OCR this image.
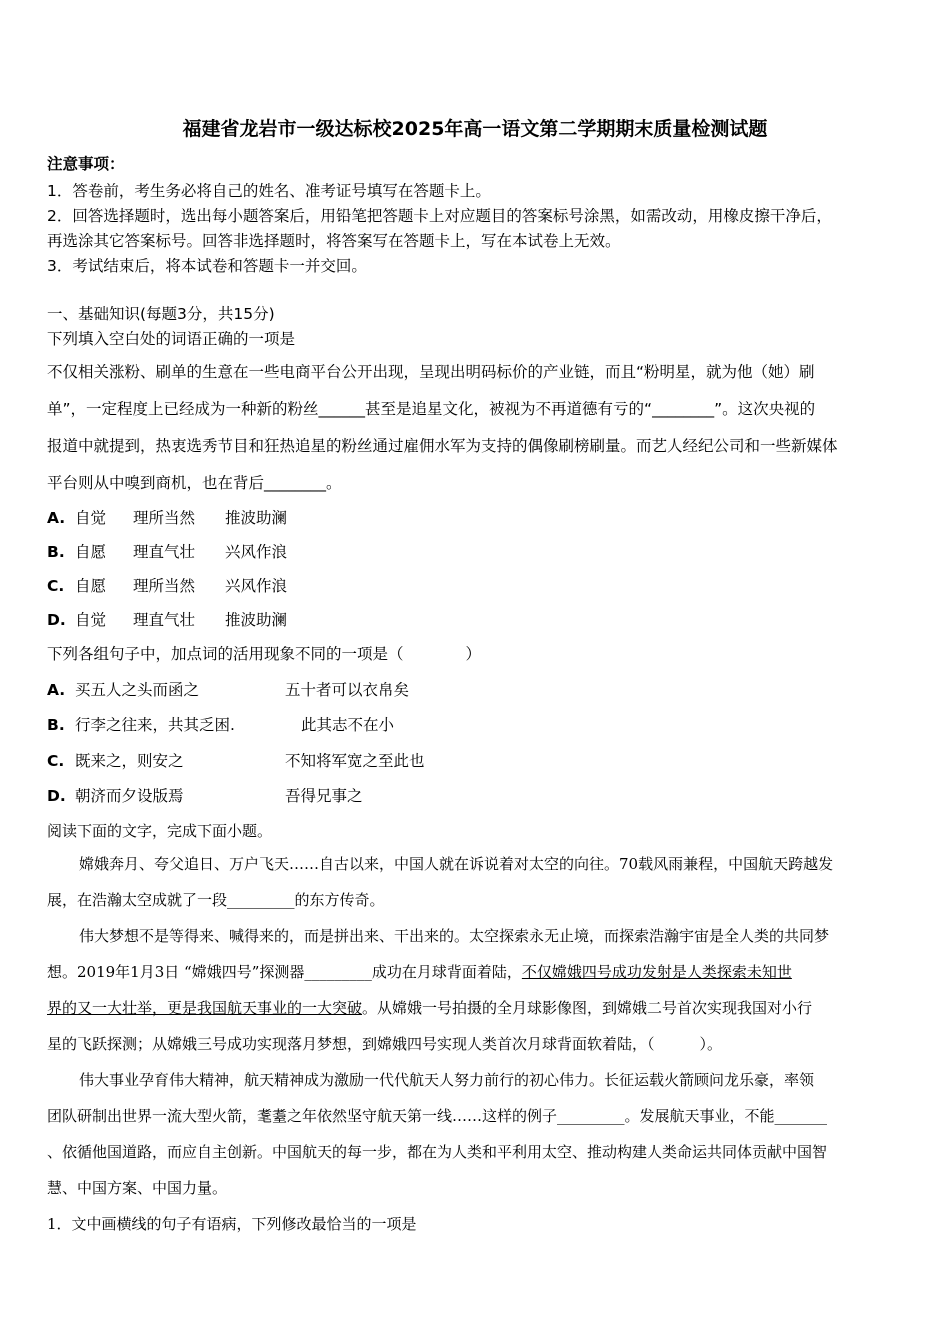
福建省龙岩市一级达标校2025年高一语文第二学期期末质量检测试题
注意事项：
1．答卷前，考生务必将自己的姓名、准考证号填写在答题卡上。
2．回答选择题时，选出每小题答案后，用铅笔把答题卡上对应题目的答案标号涂黑，如需改动，用橡皮擦干净后，
再选涂其它答案标号。回答非选择题时，将答案写在答题卡上，写在本试卷上无效。
3．考试结束后，将本试卷和答题卡一并交回。
一、基础知识(每题3分，共15分)
下列填入空白处的词语正确的一项是
不仅相关涨粉、刷单的生意在一些电商平台公开出现，呈现出明码标价的产业链，而且“粉明星，就为他（她）刷
单”，一定程度上已经成为一种新的粉丝______甚至是追星文化，被视为不再道德有亏的“________”。这次央视的
报道中就提到，热衷选秀节目和狂热追星的粉丝通过雇佣水军为支持的偶像刷榜刷量。而艺人经纪公司和一些新媒体
平台则从中嗅到商机，也在背后________。
A. 自觉 理所当然 推波助澜
B. 自愿 理直气壮 兴风作浪
C. 自愿 理所当然 兴风作浪
D. 自觉 理直气壮 推波助澜
下列各组句子中，加点词的活用现象不同的一项是（　　　　）
A. 买五人之头而函之	五十者可以衣帛矣
B. 行李之往来，共其乏困.	此其志不在小
C. 既来之，则安之	不知将军宽之至此也
D. 朝济而夕设版焉	吾得兄事之
阅读下面的文字，完成下面小题。
嫦娥奔月、夸父追日、万户飞天……自古以来，中国人就在诉说着对太空的向往。70载风雨兼程，中国航天跨越发
展，在浩瀚太空成就了一段_________的东方传奇。
伟大梦想不是等得来、喊得来的，而是拼出来、干出来的。太空探索永无止境，而探索浩瀚宇宙是全人类的共同梦
想。2019年1月3日 “嫦娥四号”探测器_________成功在月球背面着陆，不仅嫦娥四号成功发射是人类探索未知世
界的又一大壮举，更是我国航天事业的一大突破。从嫦娥一号拍摄的全月球影像图，到嫦娥二号首次实现我国对小行
星的飞跃探测；从嫦娥三号成功实现落月梦想，到嫦娥四号实现人类首次月球背面软着陆，（　　　）。
伟大事业孕育伟大精神，航天精神成为激励一代代航天人努力前行的初心伟力。长征运载火箭顾问龙乐豪，率领
团队研制出世界一流大型火箭，耄耋之年依然坚守航天第一线……这样的例子_________。发展航天事业，不能_______
、依循他国道路，而应自主创新。中国航天的每一步，都在为人类和平利用太空、推动构建人类命运共同体贡献中国智
慧、中国方案、中国力量。
1．文中画横线的句子有语病，下列修改最恰当的一项是
